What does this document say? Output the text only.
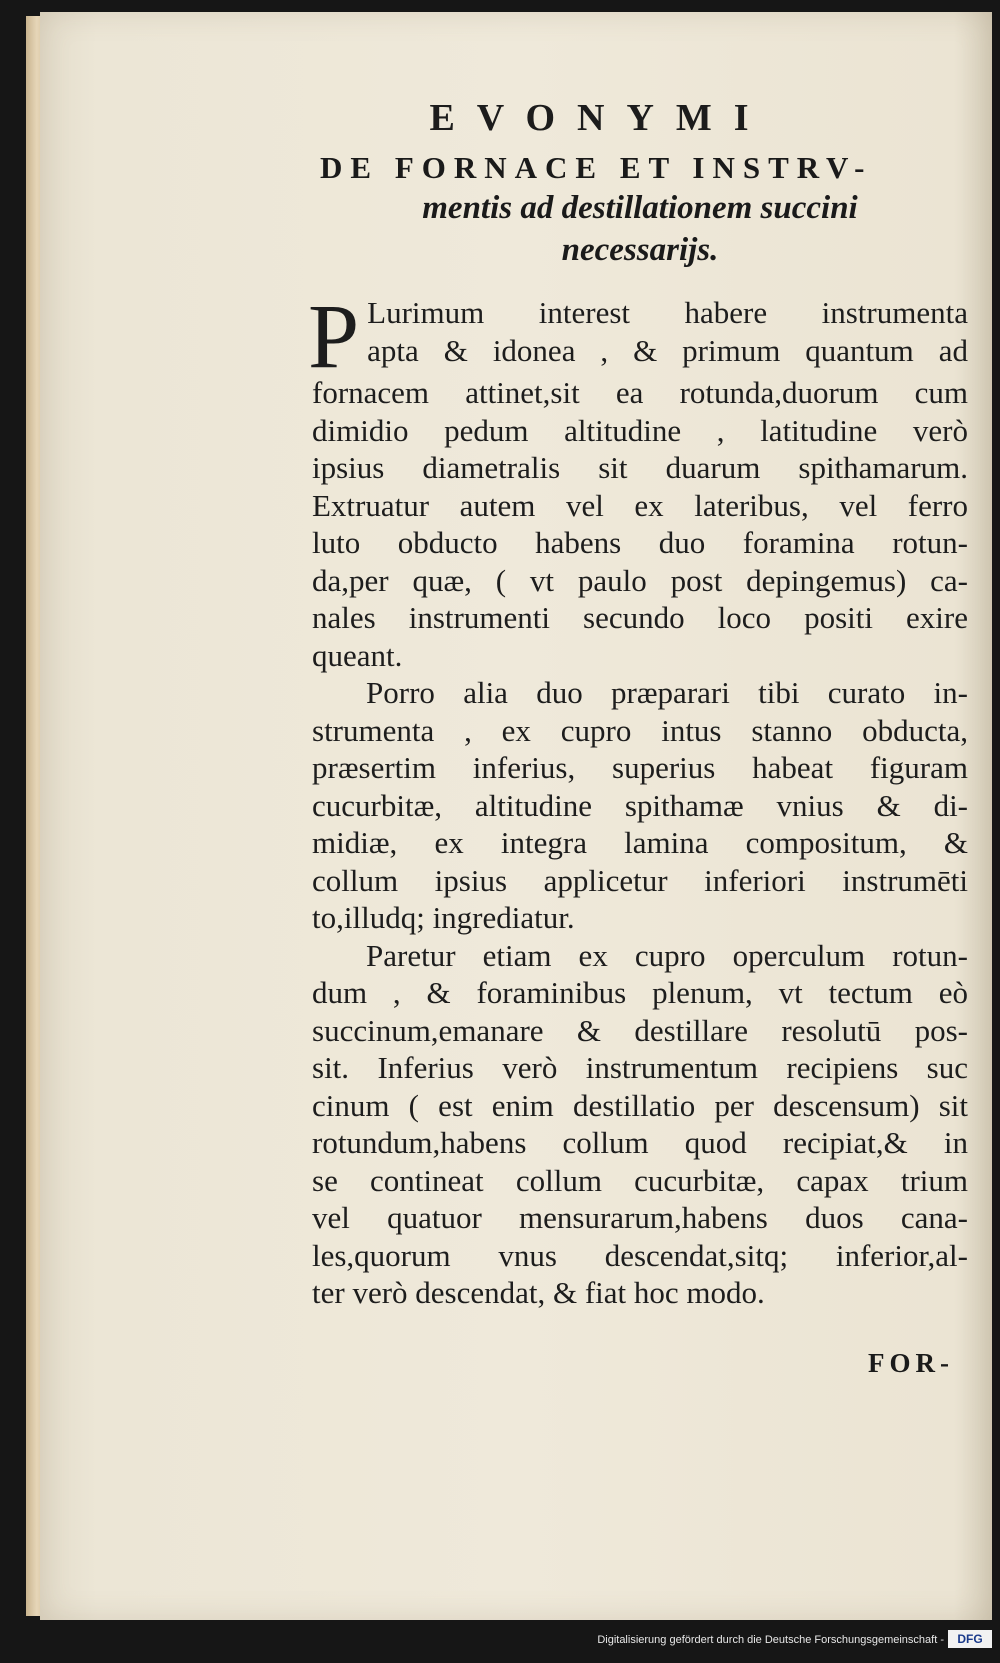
EVONYMI
DE FORNACE ET INSTRV-
mentis ad destillationem succini
necessarijs.
P Lurimum interest habere instrumenta
apta & idonea , & primum quantum ad
fornacem attinet,sit ea rotunda,duorum cum
dimidio pedum altitudine , latitudine verò
ipsius diametralis sit duarum spithamarum.
Extruatur autem vel ex lateribus, vel ferro
luto obducto habens duo foramina rotun-
da,per quæ, ( vt paulo post depingemus) ca-
nales instrumenti secundo loco positi exire
queant.
Porro alia duo præparari tibi curato in-
strumenta , ex cupro intus stanno obducta,
præsertim inferius, superius habeat figuram
cucurbitæ, altitudine spithamæ vnius & di-
midiæ, ex integra lamina compositum, &
collum ipsius applicetur inferiori instrumēti
to,illudq; ingrediatur.
Paretur etiam ex cupro operculum rotun-
dum , & foraminibus plenum, vt tectum eò
succinum,emanare & destillare resolutū pos-
sit. Inferius verò instrumentum recipiens suc
cinum ( est enim destillatio per descensum) sit
rotundum,habens collum quod recipiat,& in
se contineat collum cucurbitæ, capax trium
vel quatuor mensurarum,habens duos cana-
les,quorum vnus descendat,sitq; inferior,al-
ter verò descendat, & fiat hoc modo.
FOR-
Digitalisierung gefördert durch die Deutsche Forschungsgemeinschaft -	DFG
